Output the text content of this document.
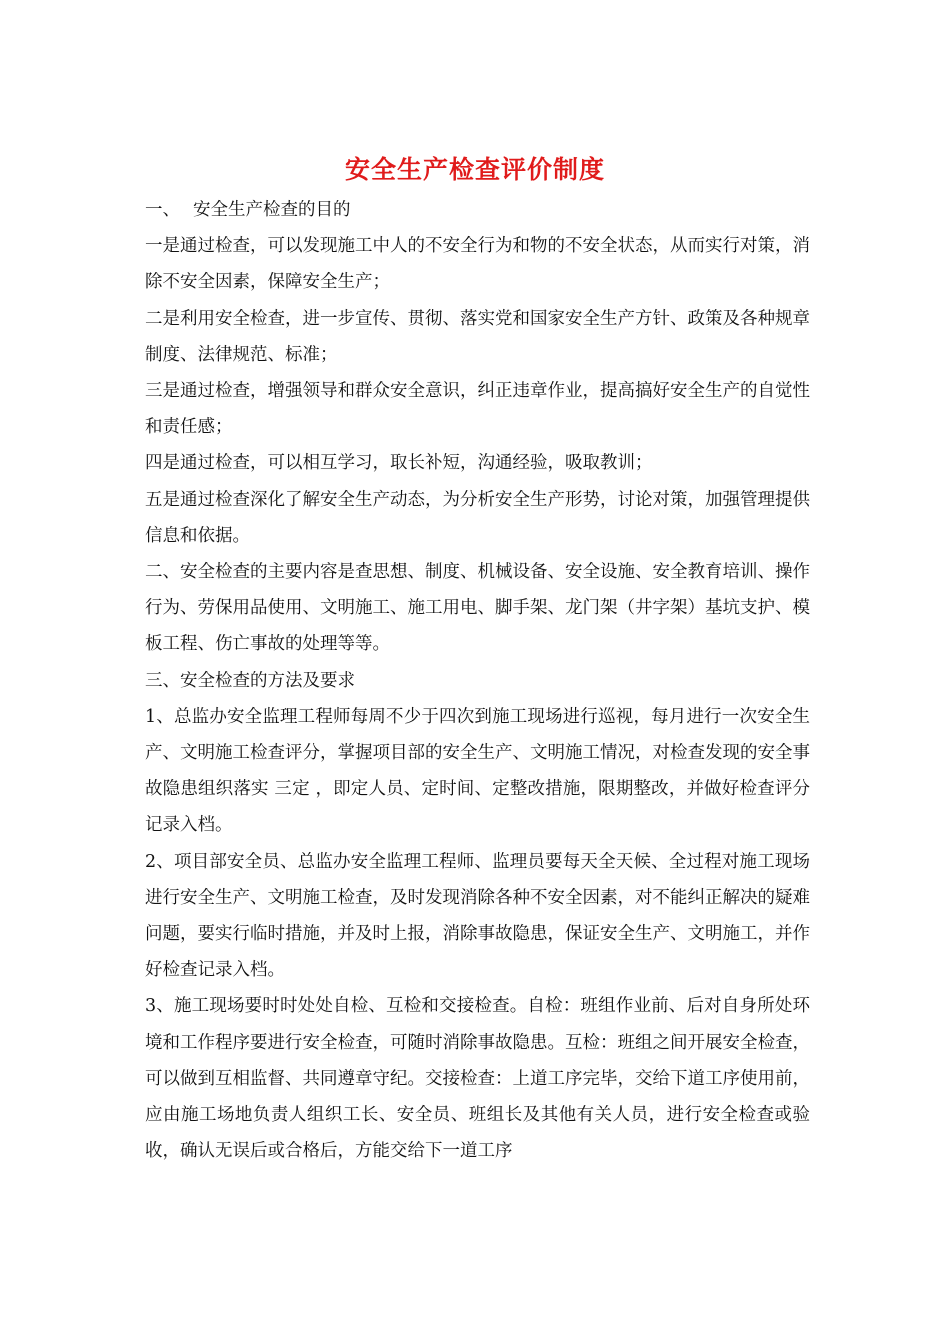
安全生产检查评价制度

一、 安全生产检查的目的

一是通过检查，可以发现施工中人的不安全行为和物的不安全状态，从而实行对策，消除不安全因素，保障安全生产；

二是利用安全检查，进一步宣传、贯彻、落实党和国家安全生产方针、政策及各种规章制度、法律规范、标准；

三是通过检查，增强领导和群众安全意识，纠正违章作业，提高搞好安全生产的自觉性和责任感；

四是通过检查，可以相互学习，取长补短，沟通经验，吸取教训；

五是通过检查深化了解安全生产动态，为分析安全生产形势，讨论对策，加强管理提供信息和依据。

二、安全检查的主要内容是查思想、制度、机械设备、安全设施、安全教育培训、操作行为、劳保用品使用、文明施工、施工用电、脚手架、龙门架（井字架）基坑支护、模板工程、伤亡事故的处理等等。

三、安全检查的方法及要求

1、总监办安全监理工程师每周不少于四次到施工现场进行巡视，每月进行一次安全生产、文明施工检查评分，掌握项目部的安全生产、文明施工情况，对检查发现的安全事故隐患组织落实 三定 ，即定人员、定时间、定整改措施，限期整改，并做好检查评分记录入档。

2、项目部安全员、总监办安全监理工程师、监理员要每天全天候、全过程对施工现场进行安全生产、文明施工检查，及时发现消除各种不安全因素，对不能纠正解决的疑难问题，要实行临时措施，并及时上报，消除事故隐患，保证安全生产、文明施工，并作好检查记录入档。

3、施工现场要时时处处自检、互检和交接检查。自检：班组作业前、后对自身所处环境和工作程序要进行安全检查，可随时消除事故隐患。互检：班组之间开展安全检查，可以做到互相监督、共同遵章守纪。交接检查：上道工序完毕，交给下道工序使用前，应由施工场地负责人组织工长、安全员、班组长及其他有关人员，进行安全检查或验收，确认无误后或合格后，方能交给下一道工序
